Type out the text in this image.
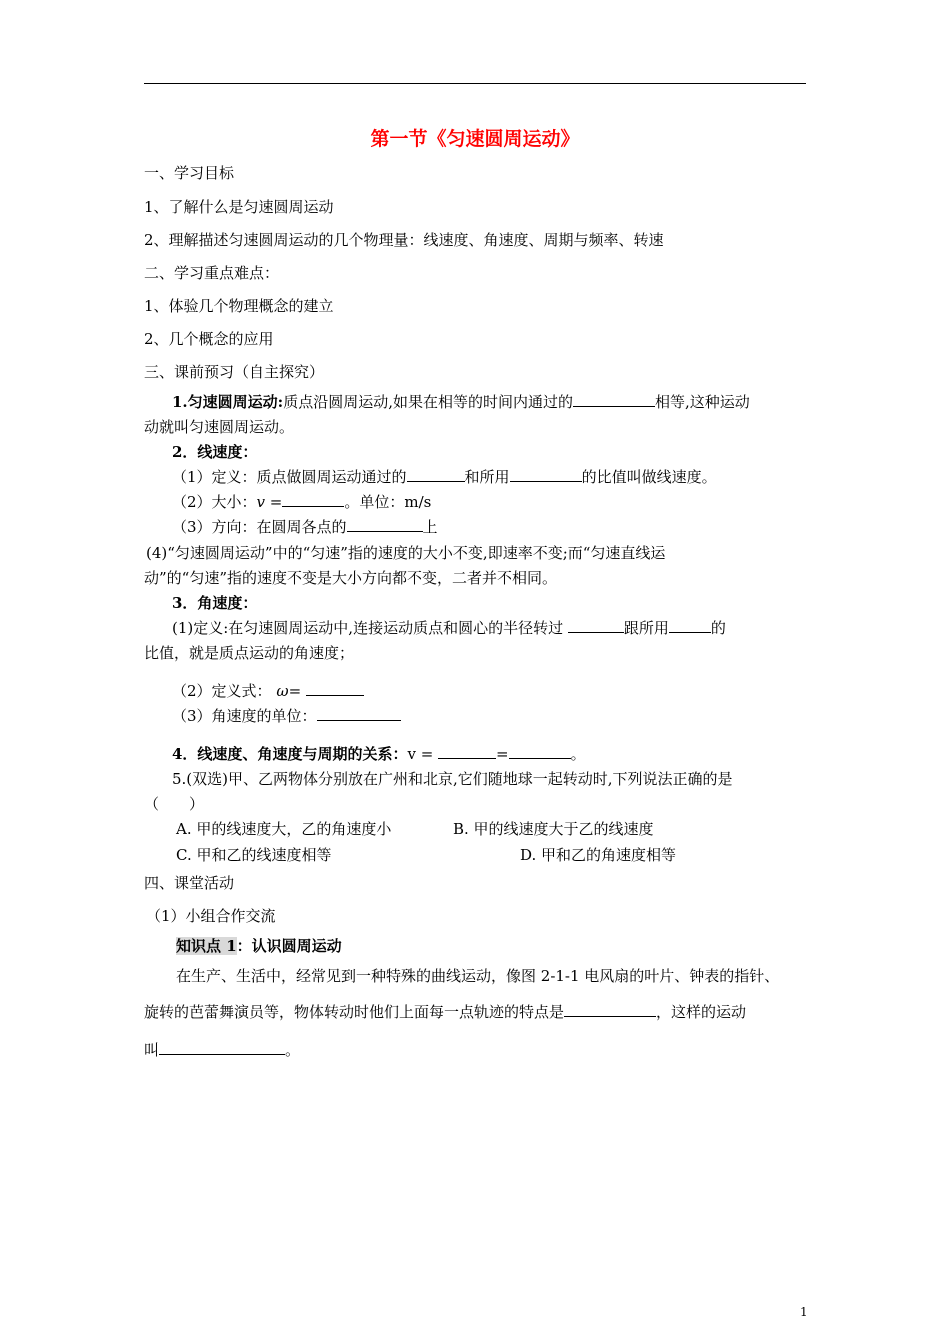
第一节《匀速圆周运动》
一、学习目标
1、了解什么是匀速圆周运动
2、理解描述匀速圆周运动的几个物理量：线速度、角速度、周期与频率、转速
二、学习重点难点：
1、体验几个物理概念的建立
2、几个概念的应用
三、课前预习（自主探究）
1.匀速圆周运动:质点沿圆周运动,如果在相等的时间内通过的	相等,这种运动
动就叫匀速圆周运动。
2．线速度：
（1）定义：质点做圆周运动通过的	和所用	的比值叫做线速度。
（2）大小：v =	。单位：m/s
（3）方向：在圆周各点的	上
(4)“匀速圆周运动”中的“匀速”指的速度的大小不变,即速率不变;而“匀速直线运
动”的“匀速”指的速度不变是大小方向都不变，二者并不相同。
3．角速度：
(1)定义:在匀速圆周运动中,连接运动质点和圆心的半径转过	跟所用	的
比值，就是质点运动的角速度；
（2）定义式： ω=
（3）角速度的单位：
4．线速度、角速度与周期的关系：v =	=	。
5.(双选)甲、乙两物体分别放在广州和北京,它们随地球一起转动时,下列说法正确的是
（　　）
A. 甲的线速度大，乙的角速度小	B. 甲的线速度大于乙的线速度
C. 甲和乙的线速度相等	D. 甲和乙的角速度相等
四、课堂活动
（1）小组合作交流
知识点 1：认识圆周运动
在生产、生活中，经常见到一种特殊的曲线运动，像图 2-1-1 电风扇的叶片、钟表的指针、
旋转的芭蕾舞演员等，物体转动时他们上面每一点轨迹的特点是	，这样的运动
叫	。
1
